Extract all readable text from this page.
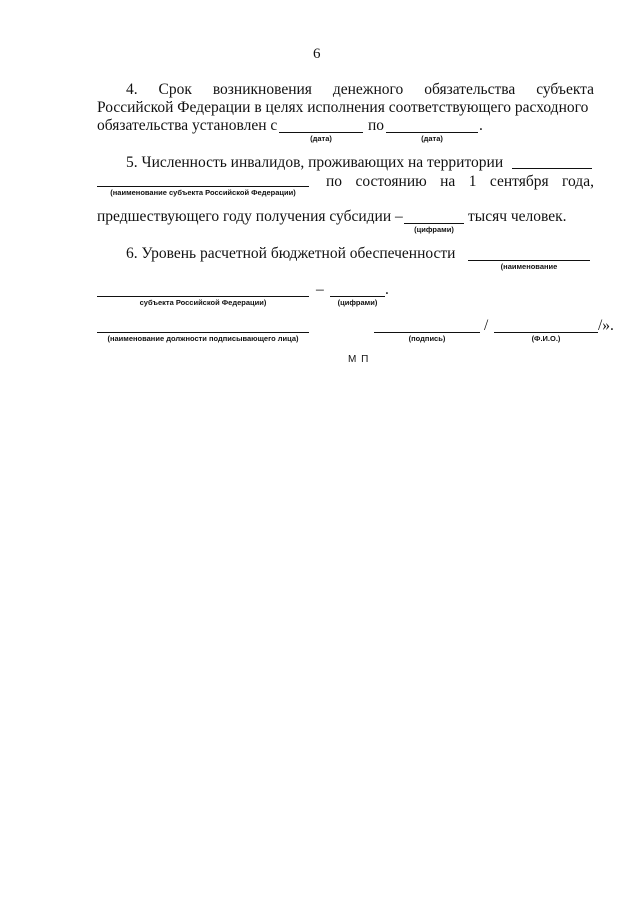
6
4. Срок возникновения денежного обязательства субъекта
Российской Федерации в целях исполнения соответствующего расходного
обязательства установлен с
(дата)
по
(дата)
.
5. Численность инвалидов, проживающих на территории
(наименование субъекта Российской Федерации)
по состоянию на 1 сентября года,
предшествующего году получения субсидии –
(цифрами)
тысяч человек.
6. Уровень расчетной бюджетной обеспеченности
(наименование
субъекта Российской Федерации)
–
(цифрами)
.
(наименование должности подписывающего лица)	(подпись)
/
(Ф.И.О.)
/».
М П
